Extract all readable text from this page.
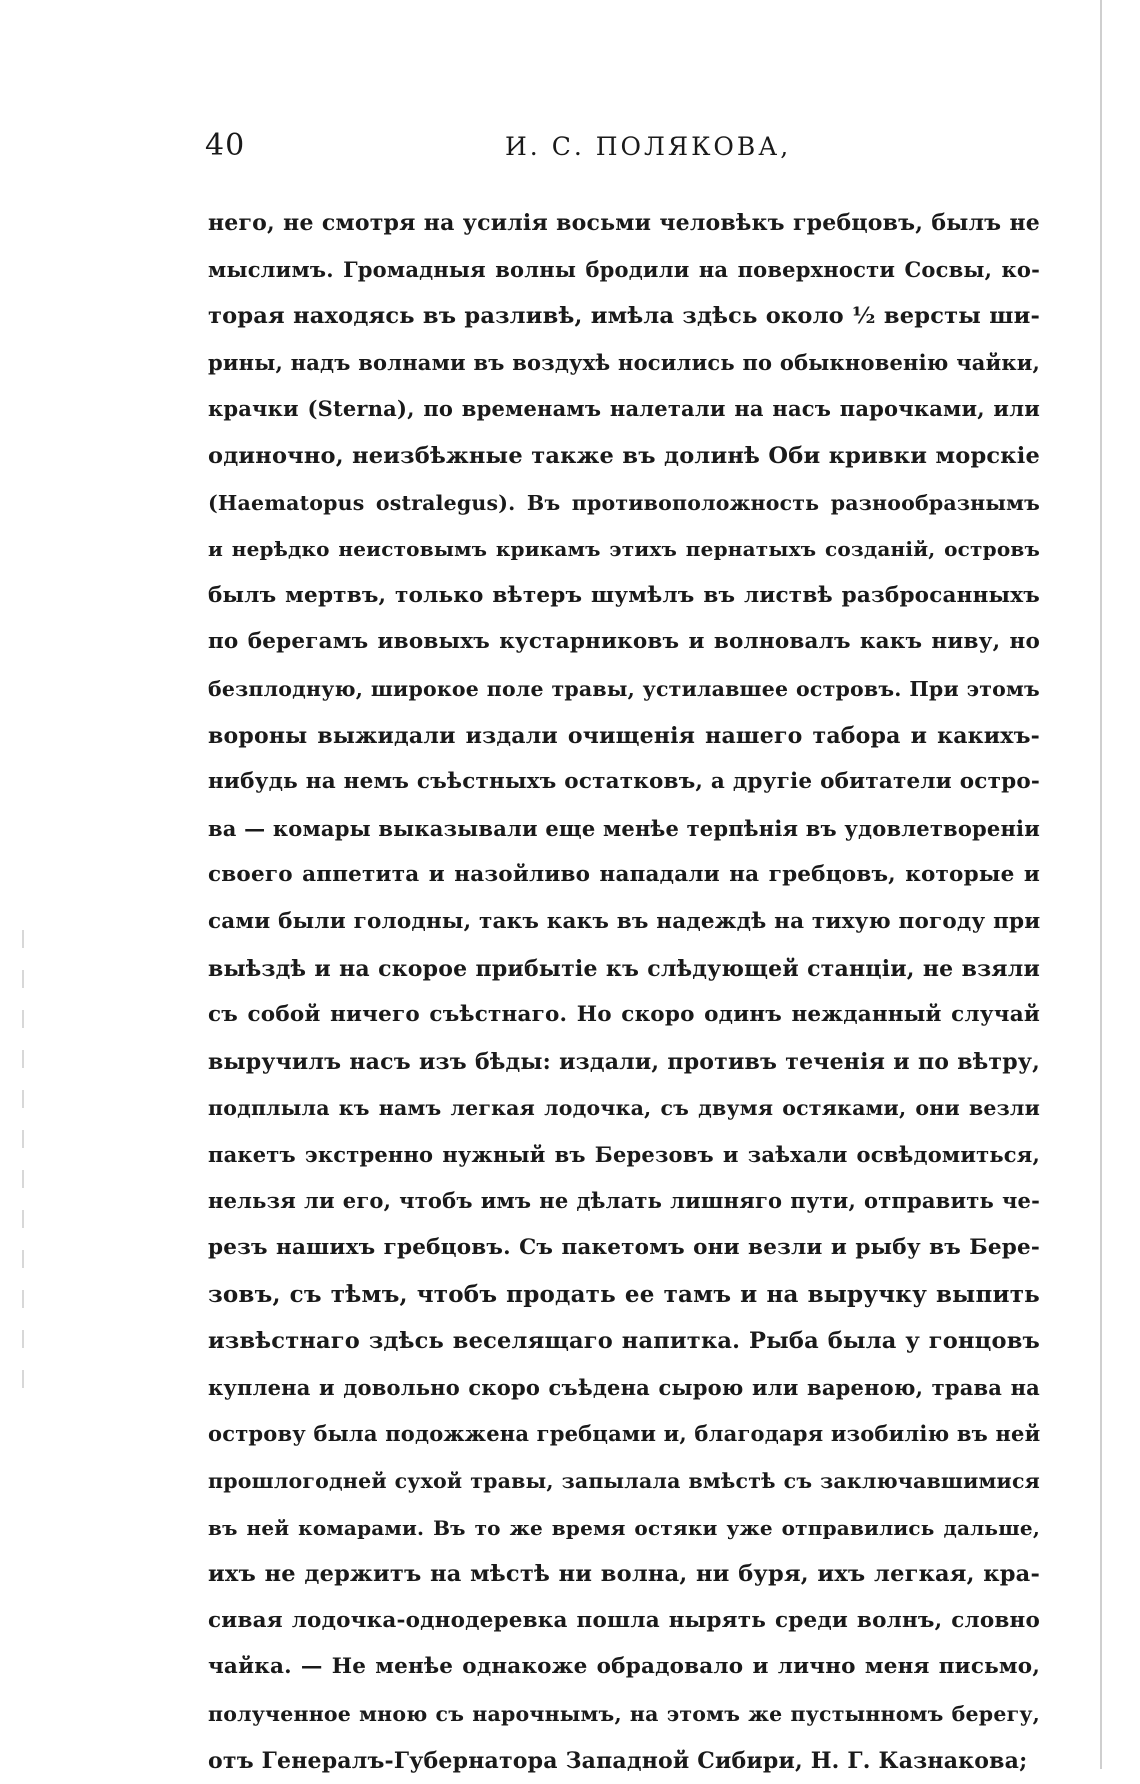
40	И. С. ПОЛЯКОВА,
него, не смотря на усилія восьми человѣкъ гребцовъ, былъ не
мыслимъ. Громадныя волны бродили на поверхности Сосвы, ко-
торая находясь въ разливѣ, имѣла здѣсь около ½ версты ши-
рины, надъ волнами въ воздухѣ носились по обыкновенію чайки,
крачки (Sterna), по временамъ налетали на насъ парочками, или
одиночно, неизбѣжные также въ долинѣ Оби кривки морскіе
(Haematopus ostralegus). Въ противоположность разнообразнымъ
и нерѣдко неистовымъ крикамъ этихъ пернатыхъ созданій, островъ
былъ мертвъ, только вѣтеръ шумѣлъ въ листвѣ разбросанныхъ
по берегамъ ивовыхъ кустарниковъ и волновалъ какъ ниву, но
безплодную, широкое поле травы, устилавшее островъ. При этомъ
вороны выжидали издали очищенія нашего табора и какихъ-
нибудь на немъ съѣстныхъ остатковъ, а другіе обитатели остро-
ва — комары выказывали еще менѣе терпѣнія въ удовлетвореніи
своего аппетита и назойливо нападали на гребцовъ, которые и
сами были голодны, такъ какъ въ надеждѣ на тихую погоду при
выѣздѣ и на скорое прибытіе къ слѣдующей станціи, не взяли
съ собой ничего съѣстнаго. Но скоро одинъ нежданный случай
выручилъ насъ изъ бѣды: издали, противъ теченія и по вѣтру,
подплыла къ намъ легкая лодочка, съ двумя остяками, они везли
пакетъ экстренно нужный въ Березовъ и заѣхали освѣдомиться,
нельзя ли его, чтобъ имъ не дѣлать лишняго пути, отправить че-
резъ нашихъ гребцовъ. Съ пакетомъ они везли и рыбу въ Бере-
зовъ, съ тѣмъ, чтобъ продать ее тамъ и на выручку выпить
извѣстнаго здѣсь веселящаго напитка. Рыба была у гонцовъ
куплена и довольно скоро съѣдена сырою или вареною, трава на
острову была подожжена гребцами и, благодаря изобилію въ ней
прошлогодней сухой травы, запылала вмѣстѣ съ заключавшимися
въ ней комарами. Въ то же время остяки уже отправились дальше,
ихъ не держитъ на мѣстѣ ни волна, ни буря, ихъ легкая, кра-
сивая лодочка-однодеревка пошла нырять среди волнъ, словно
чайка. — Не менѣе однакоже обрадовало и лично меня письмо,
полученное мною съ нарочнымъ, на этомъ же пустынномъ берегу,
отъ Генералъ-Губернатора Западной Сибири, Н. Г. Казнакова;
